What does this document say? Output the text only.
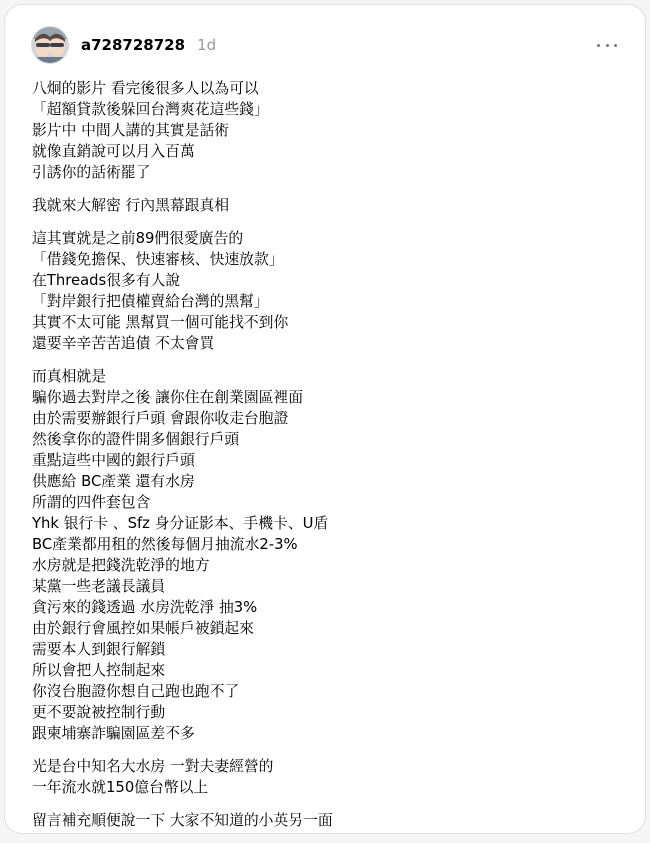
a728728728 1d
八炯的影片 看完後很多人以為可以
「超額貸款後躲回台灣爽花這些錢」
影片中 中間人講的其實是話術
就像直銷說可以月入百萬
引誘你的話術罷了
我就來大解密 行內黑幕跟真相
這其實就是之前89們很愛廣告的
「借錢免擔保、快速審核、快速放款」
在Threads很多有人說
「對岸銀行把債權賣給台灣的黑幫」
其實不太可能 黑幫買一個可能找不到你
還要辛辛苦苦追債 不太會買
而真相就是
騙你過去對岸之後 讓你住在創業園區裡面
由於需要辦銀行戶頭 會跟你收走台胞證
然後拿你的證件開多個銀行戶頭
重點這些中國的銀行戶頭
供應給 BC產業 還有水房
所謂的四件套包含
Yhk 银行卡 、Sfz 身分证影本、手機卡、U盾
BC產業都用租的然後每個月抽流水2-3%
水房就是把錢洗乾淨的地方
某黨一些老議長議員
貪污來的錢透過 水房洗乾淨 抽3%
由於銀行會風控如果帳戶被鎖起來
需要本人到銀行解鎖
所以會把人控制起來
你沒台胞證你想自己跑也跑不了
更不要說被控制行動
跟柬埔寨詐騙園區差不多
光是台中知名大水房 一對夫妻經營的
一年流水就150億台幣以上
留言補充順便說一下 大家不知道的小英另一面
